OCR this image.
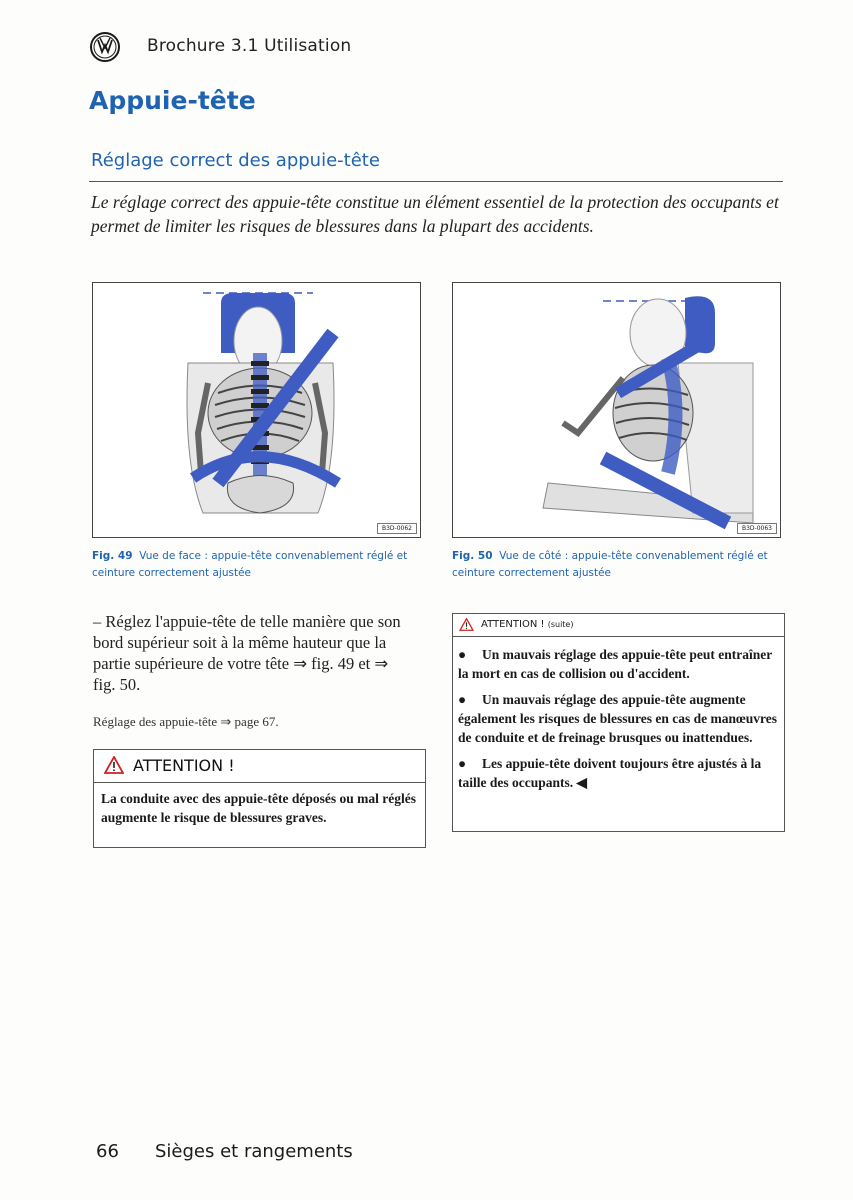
Brochure 3.1 Utilisation
Appuie-tête
Réglage correct des appuie-tête
Le réglage correct des appuie-tête constitue un élément essentiel de la protection des occupants et permet de limiter les risques de blessures dans la plupart des accidents.
B3D-0062	B3D-0063
Fig. 49 Vue de face : appuie-tête convenablement réglé et ceinture correctement ajustée
Fig. 50 Vue de côté : appuie-tête convenablement réglé et ceinture correctement ajustée
– Réglez l'appuie-tête de telle manière que son bord supérieur soit à la même hauteur que la partie supérieure de votre tête ⇒ fig. 49 et ⇒ fig. 50.
Réglage des appuie-tête ⇒ page 67.
ATTENTION !
La conduite avec des appuie-tête déposés ou mal réglés augmente le risque de blessures graves.
ATTENTION ! (suite)
● Un mauvais réglage des appuie-tête peut entraîner la mort en cas de collision ou d'accident.
● Un mauvais réglage des appuie-tête augmente également les risques de blessures en cas de manœuvres de conduite et de freinage brusques ou inattendues.
● Les appuie-tête doivent toujours être ajustés à la taille des occupants. ◀
66 Sièges et rangements
